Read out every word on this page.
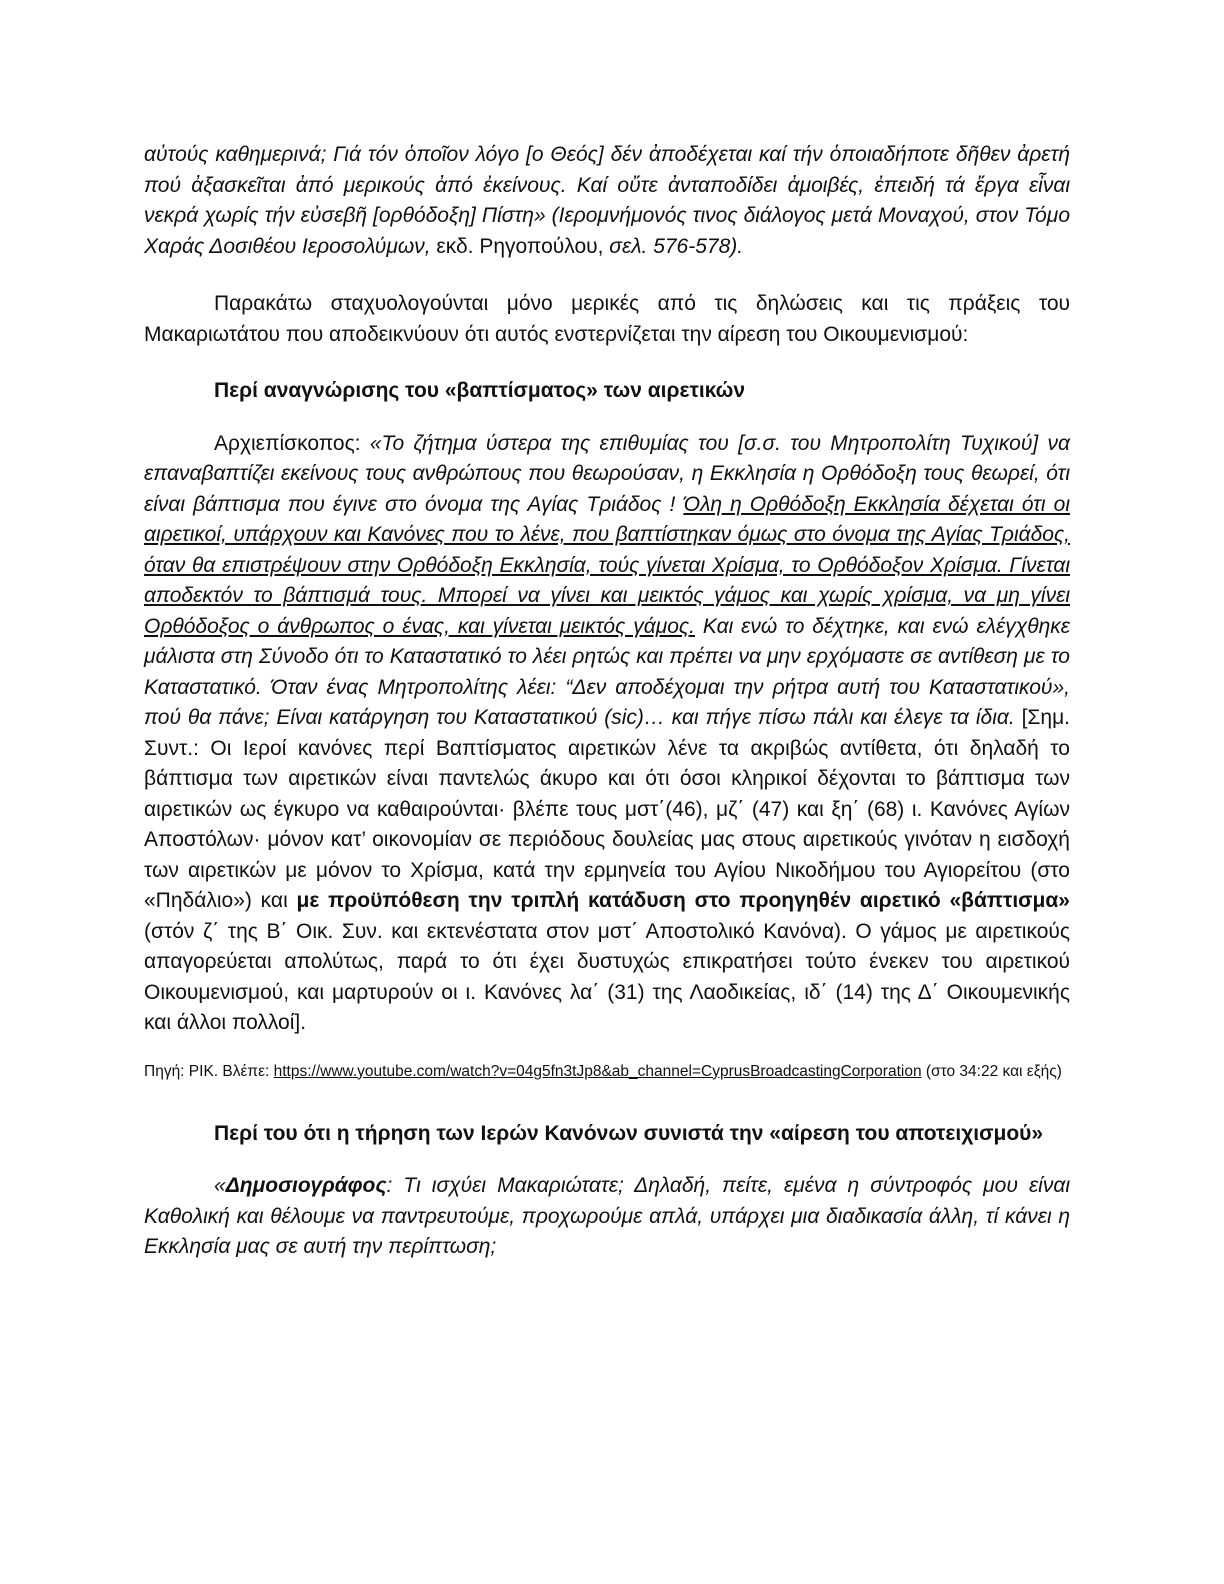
αὐτούς καθημερινά; Γιά τόν ὁποῖον λόγο [ο Θεός] δέν ἀποδέχεται καί τήν ὁποιαδήποτε δῆθεν ἀρετή πού ἀξασκεῖται ἀπό μερικούς ἀπό ἐκείνους. Καί οὔτε ἀνταποδίδει ἀμοιβές, ἐπειδή τά ἔργα εἶναι νεκρά χωρίς τήν εὐσεβῆ [ορθόδοξη] Πίστη» (Ιερομνήμονός τινος διάλογος μετά Μοναχού, στον Τόμο Χαράς Δοσιθέου Ιεροσολύμων, εκδ. Ρηγοπούλου, σελ. 576-578).

Παρακάτω σταχυολογούνται μόνο μερικές από τις δηλώσεις και τις πράξεις του Μακαριωτάτου που αποδεικνύουν ότι αυτός ενστερνίζεται την αίρεση του Οικουμενισμού:

Περί αναγνώρισης του «βαπτίσματος» των αιρετικών

Αρχιεπίσκοπος: «Το ζήτημα ύστερα της επιθυμίας του [σ.σ. του Μητροπολίτη Τυχικού] να επαναβαπτίζει εκείνους τους ανθρώπους που θεωρούσαν, η Εκκλησία η Ορθόδοξη τους θεωρεί, ότι είναι βάπτισμα που έγινε στο όνομα της Αγίας Τριάδος ! Όλη η Ορθόδοξη Εκκλησία δέχεται ότι οι αιρετικοί, υπάρχουν και Κανόνες που το λένε, που βαπτίστηκαν όμως στο όνομα της Αγίας Τριάδος, όταν θα επιστρέψουν στην Ορθόδοξη Εκκλησία, τούς γίνεται Χρίσμα, το Ορθόδοξον Χρίσμα. Γίνεται αποδεκτόν το βάπτισμά τους. Μπορεί να γίνει και μεικτός γάμος και χωρίς χρίσμα, να μη γίνει Ορθόδοξος ο άνθρωπος ο ένας, και γίνεται μεικτός γάμος. Και ενώ το δέχτηκε, και ενώ ελέγχθηκε μάλιστα στη Σύνοδο ότι το Καταστατικό το λέει ρητώς και πρέπει να μην ερχόμαστε σε αντίθεση με το Καταστατικό. Όταν ένας Μητροπολίτης λέει: “Δεν αποδέχομαι την ρήτρα αυτή του Καταστατικού», πού θα πάνε; Είναι κατάργηση του Καταστατικού (sic)… και πήγε πίσω πάλι και έλεγε τα ίδια. [Σημ. Συντ.: Οι Ιεροί κανόνες περί Βαπτίσματος αιρετικών λένε τα ακριβώς αντίθετα, ότι δηλαδή το βάπτισμα των αιρετικών είναι παντελώς άκυρο και ότι όσοι κληρικοί δέχονται το βάπτισμα των αιρετικών ως έγκυρο να καθαιρούνται· βλέπε τους μστ΄(46), μζ΄ (47) και ξη΄ (68) ι. Κανόνες Αγίων Αποστόλων· μόνον κατ’ οικονομίαν σε περιόδους δουλείας μας στους αιρετικούς γινόταν η εισδοχή των αιρετικών με μόνον το Χρίσμα, κατά την ερμηνεία του Αγίου Νικοδήμου του Αγιορείτου (στο «Πηδάλιο») και με προϋπόθεση την τριπλή κατάδυση στο προηγηθέν αιρετικό «βάπτισμα» (στόν ζ΄ της Β΄ Οικ. Συν. και εκτενέστατα στον μστ΄ Αποστολικό Κανόνα). Ο γάμος με αιρετικούς απαγορεύεται απολύτως, παρά το ότι έχει δυστυχώς επικρατήσει τούτο ένεκεν του αιρετικού Οικουμενισμού, και μαρτυρούν οι ι. Κανόνες λα΄ (31) της Λαοδικείας, ιδ΄ (14) της Δ΄ Οικουμενικής και άλλοι πολλοί].

Πηγή: ΡΙΚ. Βλέπε: https://www.youtube.com/watch?v=04g5fn3tJp8&ab_channel=CyprusBroadcastingCorporation (στο 34:22 και εξής)

Περί του ότι η τήρηση των Ιερών Κανόνων συνιστά την «αίρεση του αποτειχισμού»

«Δημοσιογράφος: Τι ισχύει Μακαριώτατε; Δηλαδή, πείτε, εμένα η σύντροφός μου είναι Καθολική και θέλουμε να παντρευτούμε, προχωρούμε απλά, υπάρχει μια διαδικασία άλλη, τί κάνει η Εκκλησία μας σε αυτή την περίπτωση;
